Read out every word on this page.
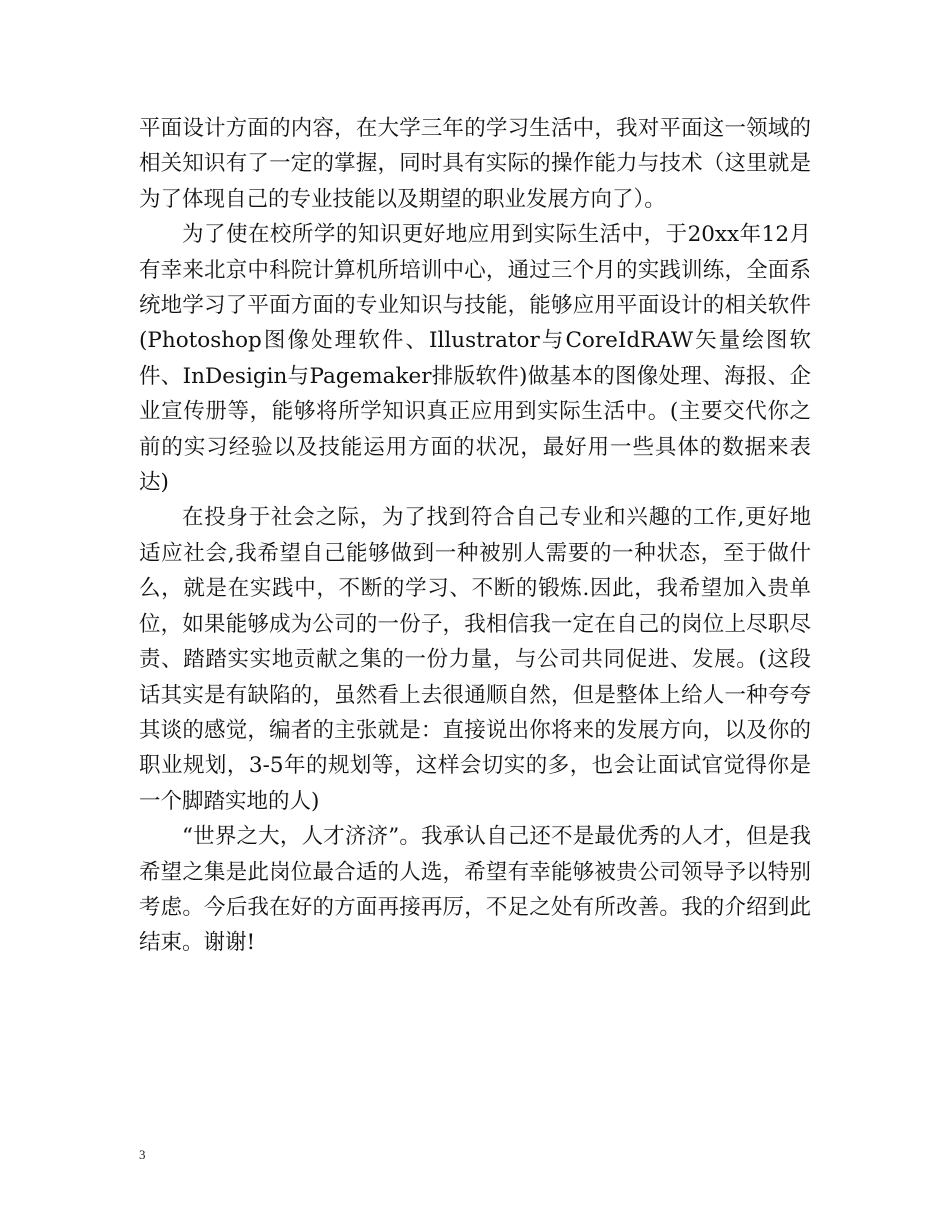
平面设计方面的内容，在大学三年的学习生活中，我对平面这一领域的相关知识有了一定的掌握，同时具有实际的操作能力与技术（这里就是为了体现自己的专业技能以及期望的职业发展方向了）。

为了使在校所学的知识更好地应用到实际生活中，于20xx年12月有幸来北京中科院计算机所培训中心，通过三个月的实践训练，全面系统地学习了平面方面的专业知识与技能，能够应用平面设计的相关软件(Photoshop图像处理软件、Illustrator与CoreIdRAW矢量绘图软件、InDesigin与Pagemaker排版软件)做基本的图像处理、海报、企业宣传册等，能够将所学知识真正应用到实际生活中。(主要交代你之前的实习经验以及技能运用方面的状况，最好用一些具体的数据来表达)

在投身于社会之际，为了找到符合自己专业和兴趣的工作,更好地适应社会,我希望自己能够做到一种被别人需要的一种状态，至于做什么，就是在实践中，不断的学习、不断的锻炼.因此，我希望加入贵单位，如果能够成为公司的一份子，我相信我一定在自己的岗位上尽职尽责、踏踏实实地贡献之集的一份力量，与公司共同促进、发展。(这段话其实是有缺陷的，虽然看上去很通顺自然，但是整体上给人一种夸夸其谈的感觉，编者的主张就是：直接说出你将来的发展方向，以及你的职业规划，3-5年的规划等，这样会切实的多，也会让面试官觉得你是一个脚踏实地的人)

“世界之大，人才济济”。我承认自己还不是最优秀的人才，但是我希望之集是此岗位最合适的人选，希望有幸能够被贵公司领导予以特别考虑。今后我在好的方面再接再厉，不足之处有所改善。我的介绍到此结束。谢谢!

3
